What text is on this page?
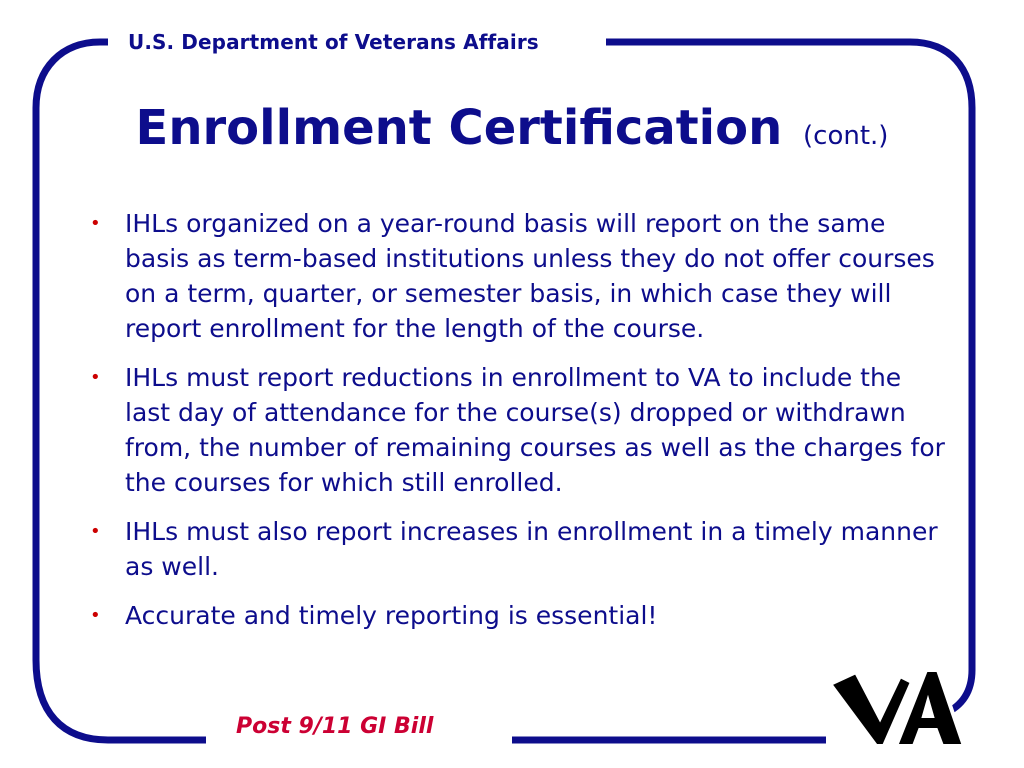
U.S. Department of Veterans Affairs
Enrollment Certification (cont.)
• IHLs organized on a year-round basis will report on the same basis as term-based institutions unless they do not offer courses on a term, quarter, or semester basis, in which case they will report enrollment for the length of the course.
• IHLs must report reductions in enrollment to VA to include the last day of attendance for the course(s) dropped or withdrawn from, the number of remaining courses as well as the charges for the courses for which still enrolled.
• IHLs must also report increases in enrollment in a timely manner as well.
• Accurate and timely reporting is essential!
Post 9/11 GI Bill
